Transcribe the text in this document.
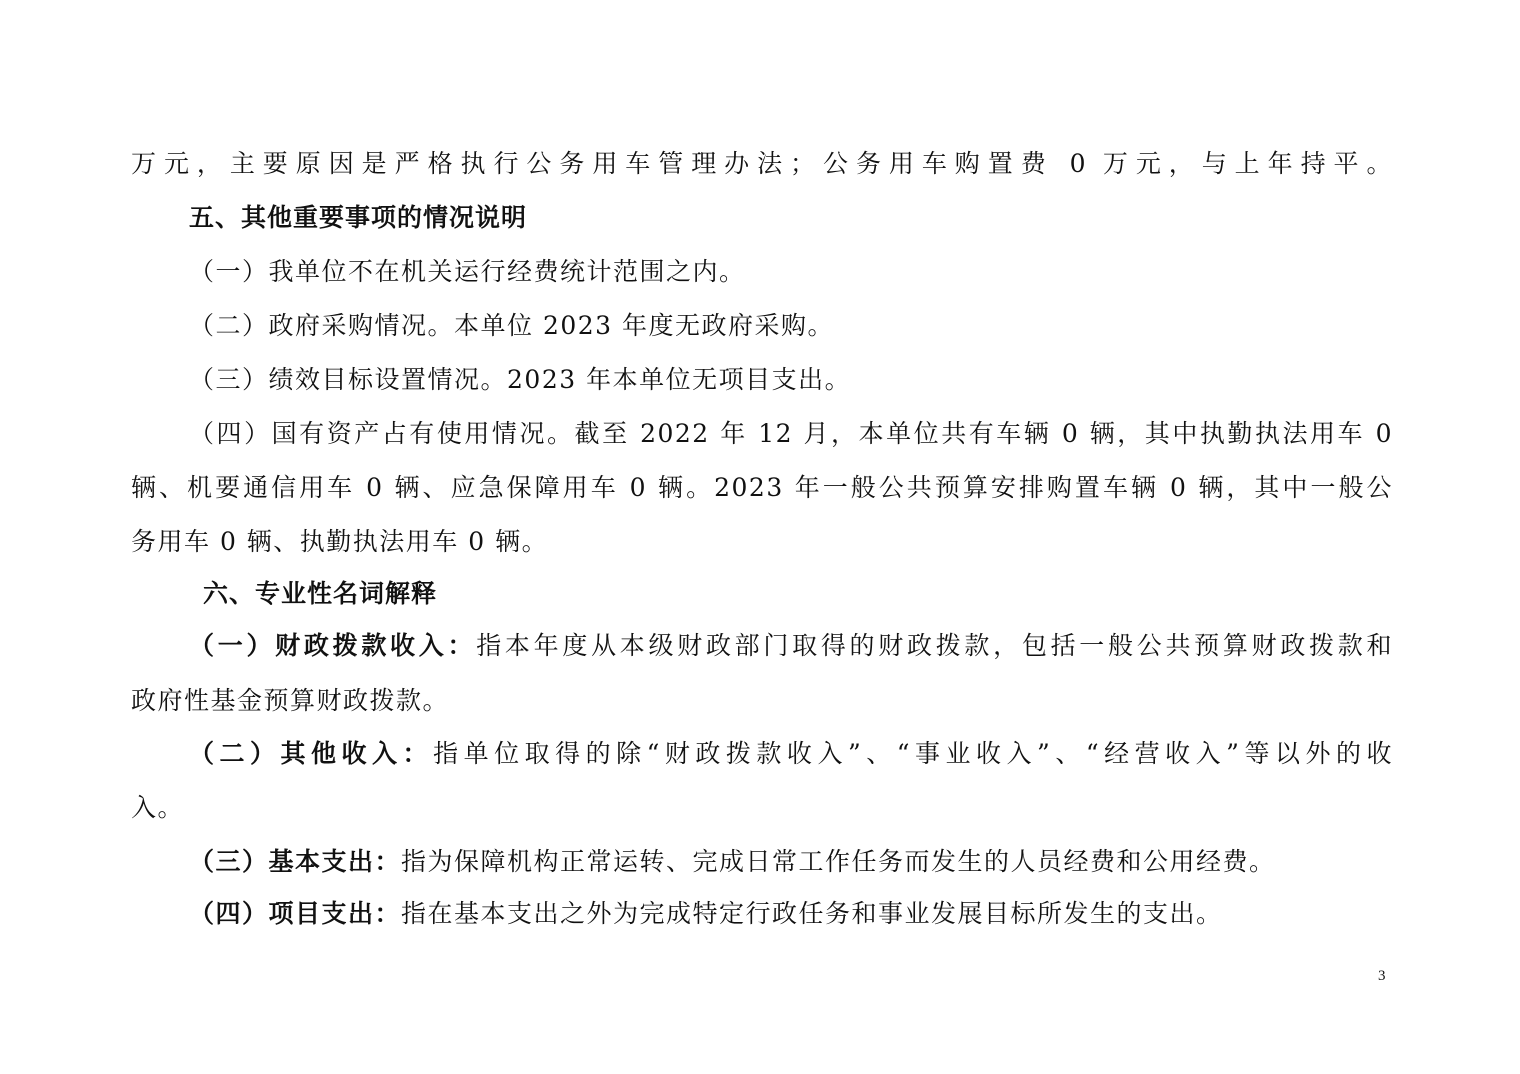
万元，主要原因是严格执行公务用车管理办法；公务用车购置费 0 万元，与上年持平。
五、其他重要事项的情况说明
（一）我单位不在机关运行经费统计范围之内。
（二）政府采购情况。本单位 2023 年度无政府采购。
（三）绩效目标设置情况。2023 年本单位无项目支出。
（四）国有资产占有使用情况。截至 2022 年 12 月，本单位共有车辆 0 辆，其中执勤执法用车 0
辆、机要通信用车 0 辆、应急保障用车 0 辆。2023 年一般公共预算安排购置车辆 0 辆，其中一般公
务用车 0 辆、执勤执法用车 0 辆。
六、专业性名词解释
（一）财政拨款收入：指本年度从本级财政部门取得的财政拨款，包括一般公共预算财政拨款和
政府性基金预算财政拨款。
（二）其他收入：指单位取得的除“财政拨款收入”、“事业收入”、“经营收入”等以外的收
入。
（三）基本支出：指为保障机构正常运转、完成日常工作任务而发生的人员经费和公用经费。
（四）项目支出：指在基本支出之外为完成特定行政任务和事业发展目标所发生的支出。
3
